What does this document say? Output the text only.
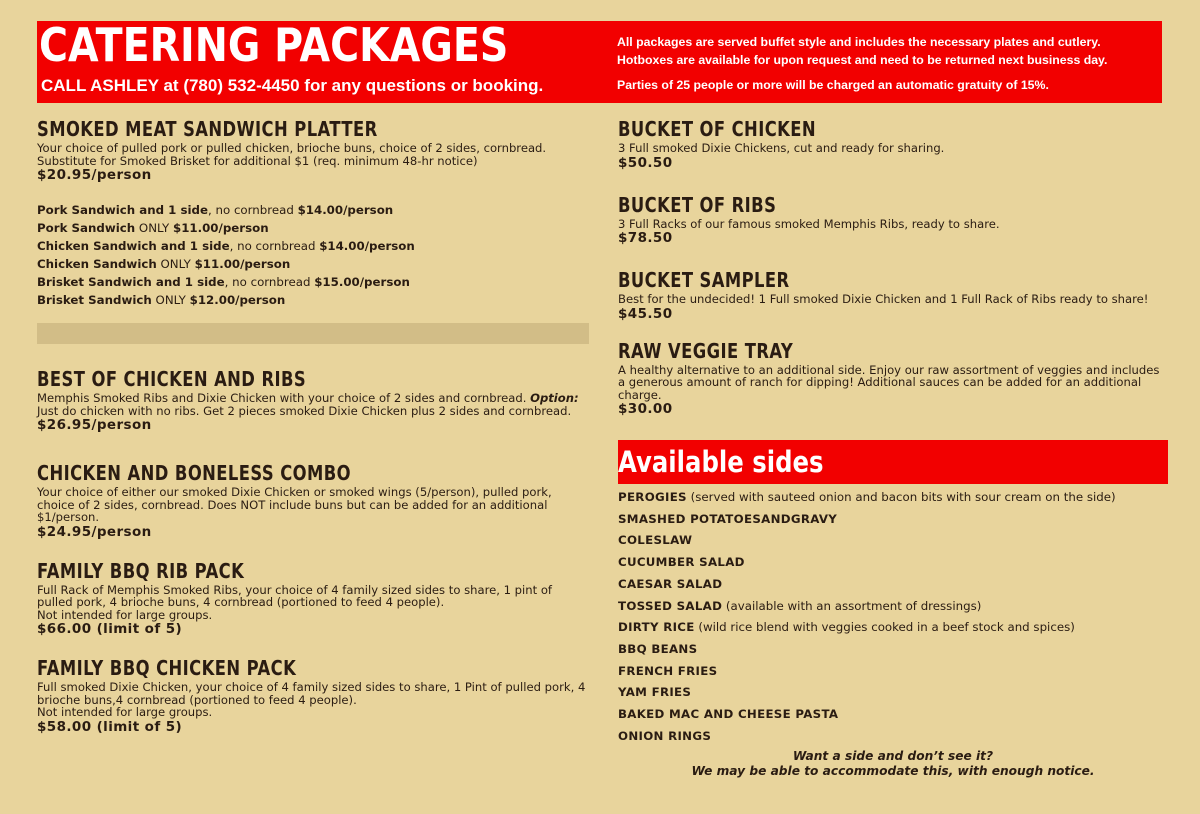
CATERING PACKAGES
CALL ASHLEY at (780) 532-4450 for any questions or booking.
All packages are served buffet style and includes the necessary plates and cutlery.
Hotboxes are available for upon request and need to be returned next business day.
Parties of 25 people or more will be charged an automatic gratuity of 15%.
SMOKED MEAT SANDWICH PLATTER
Your choice of pulled pork or pulled chicken, brioche buns, choice of 2 sides, cornbread. Substitute for Smoked Brisket for additional $1 (req. minimum 48-hr notice)
$20.95/person
Pork Sandwich and 1 side, no cornbread $14.00/person
Pork Sandwich ONLY $11.00/person
Chicken Sandwich and 1 side, no cornbread $14.00/person
Chicken Sandwich ONLY $11.00/person
Brisket Sandwich and 1 side, no cornbread $15.00/person
Brisket Sandwich ONLY $12.00/person
BEST OF CHICKEN AND RIBS
Memphis Smoked Ribs and Dixie Chicken with your choice of 2 sides and cornbread. Option: Just do chicken with no ribs. Get 2 pieces smoked Dixie Chicken plus 2 sides and cornbread.
$26.95/person
CHICKEN AND BONELESS COMBO
Your choice of either our smoked Dixie Chicken or smoked wings (5/person), pulled pork, choice of 2 sides, cornbread. Does NOT include buns but can be added for an additional $1/person.
$24.95/person
FAMILY BBQ RIB PACK
Full Rack of Memphis Smoked Ribs, your choice of 4 family sized sides to share, 1 pint of pulled pork, 4 brioche buns, 4 cornbread (portioned to feed 4 people).
Not intended for large groups.
$66.00 (limit of 5)
FAMILY BBQ CHICKEN PACK
Full smoked Dixie Chicken, your choice of 4 family sized sides to share, 1 Pint of pulled pork, 4 brioche buns,4 cornbread (portioned to feed 4 people).
Not intended for large groups.
$58.00 (limit of 5)
BUCKET OF CHICKEN
3 Full smoked Dixie Chickens, cut and ready for sharing.
$50.50
BUCKET OF RIBS
3 Full Racks of our famous smoked Memphis Ribs, ready to share.
$78.50
BUCKET SAMPLER
Best for the undecided! 1 Full smoked Dixie Chicken and 1 Full Rack of Ribs ready to share!
$45.50
RAW VEGGIE TRAY
A healthy alternative to an additional side. Enjoy our raw assortment of veggies and includes a generous amount of ranch for dipping! Additional sauces can be added for an additional charge.
$30.00
Available sides
PEROGIES (served with sauteed onion and bacon bits with sour cream on the side)
SMASHED POTATOESANDGRAVY
COLESLAW
CUCUMBER SALAD
CAESAR SALAD
TOSSED SALAD (available with an assortment of dressings)
DIRTY RICE (wild rice blend with veggies cooked in a beef stock and spices)
BBQ BEANS
FRENCH FRIES
YAM FRIES
BAKED MAC AND CHEESE PASTA
ONION RINGS
Want a side and don’t see it?
We may be able to accommodate this, with enough notice.
